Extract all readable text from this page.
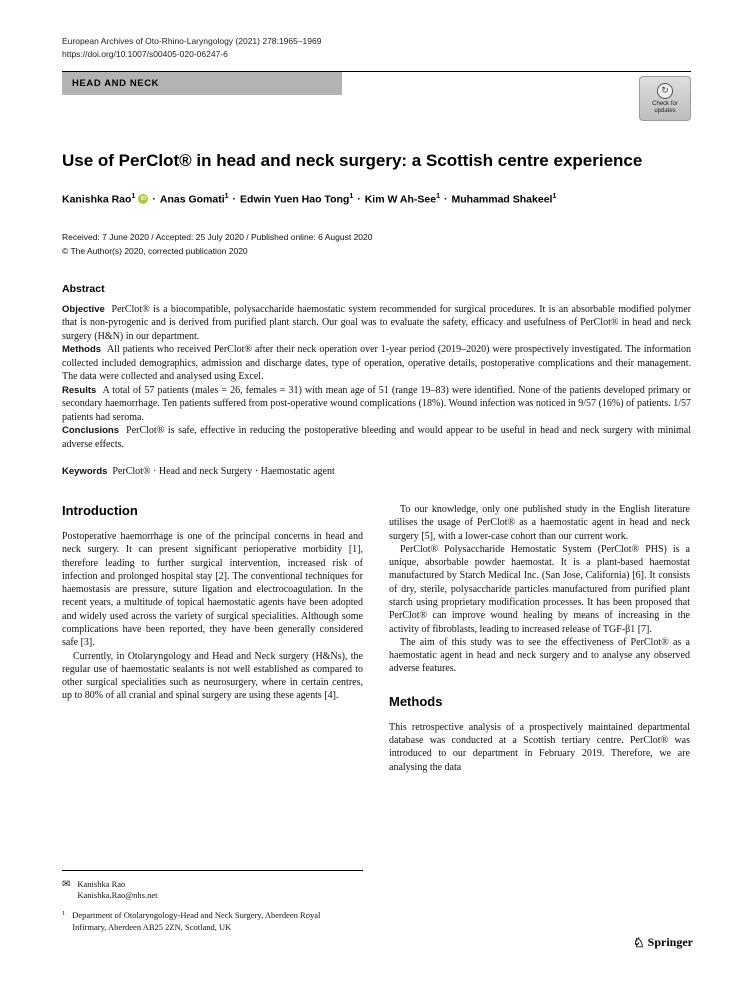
European Archives of Oto-Rhino-Laryngology (2021) 278:1965–1969
https://doi.org/10.1007/s00405-020-06247-6
HEAD AND NECK
↻
Check for
updates
Use of PerClot® in head and neck surgery: a Scottish centre experience
Kanishka Rao$^1$ iD · Anas Gomati$^1$ · Edwin Yuen Hao Tong$^1$ · Kim W Ah-See$^1$ · Muhammad Shakeel$^1$
Received: 7 June 2020 / Accepted: 25 July 2020 / Published online: 6 August 2020
© The Author(s) 2020, corrected publication 2020
Abstract

Objective PerClot® is a biocompatible, polysaccharide haemostatic system recommended for surgical procedures. It is an absorbable modified polymer that is non-pyrogenic and is derived from purified plant starch. Our goal was to evaluate the safety, efficacy and usefulness of PerClot® in head and neck surgery (H&N) in our department.

Methods All patients who received PerClot® after their neck operation over 1-year period (2019–2020) were prospectively investigated. The information collected included demographics, admission and discharge dates, type of operation, operative details, postoperative complications and their management. The data were collected and analysed using Excel.

Results A total of 57 patients (males = 26, females = 31) with mean age of 51 (range 19–83) were identified. None of the patients developed primary or secondary haemorrhage. Ten patients suffered from post-operative wound complications (18%). Wound infection was noticed in 9/57 (16%) of patients. 1/57 patients had seroma.

Conclusions PerClot® is safe, effective in reducing the postoperative bleeding and would appear to be useful in head and neck surgery with minimal adverse effects.

Keywords PerClot® · Head and neck Surgery · Haemostatic agent

Introduction

Postoperative haemorrhage is one of the principal concerns in head and neck surgery. It can present significant perioperative morbidity [1], therefore leading to further surgical intervention, increased risk of infection and prolonged hospital stay [2]. The conventional techniques for haemostasis are pressure, suture ligation and electrocoagulation. In the recent years, a multitude of topical haemostatic agents have been adopted and widely used across the variety of surgical specialities. Although some complications have been reported, they have been generally considered safe [3].

Currently, in Otolaryngology and Head and Neck surgery (H&Ns), the regular use of haemostatic sealants is not well established as compared to other surgical specialities such as neurosurgery, where in certain centres, up to 80% of all cranial and spinal surgery are using these agents [4].

✉ Kanishka Rao
Kanishka.Rao@nhs.net
1 Department of Otolaryngology-Head and Neck Surgery, Aberdeen Royal Infirmary, Aberdeen AB25 2ZN, Scotland, UK

To our knowledge, only one published study in the English literature utilises the usage of PerClot® as a haemostatic agent in head and neck surgery [5], with a lower-case cohort than our current work.

PerClot® Polysaccharide Hemostatic System (PerClot® PHS) is a unique, absorbable powder haemostat. It is a plant-based haemostat manufactured by Starch Medical Inc. (San Jose, California) [6]. It consists of dry, sterile, polysaccharide particles manufactured from purified plant starch using proprietary modification processes. It has been proposed that PerClot® can improve wound healing by means of increasing in the activity of fibroblasts, leading to increased release of TGF-β1 [7].

The aim of this study was to see the effectiveness of PerClot® as a haemostatic agent in head and neck surgery and to analyse any observed adverse features.

Methods

This retrospective analysis of a prospectively maintained departmental database was conducted at a Scottish tertiary centre. PerClot® was introduced to our department in February 2019. Therefore, we are analysing the data

♘ Springer
